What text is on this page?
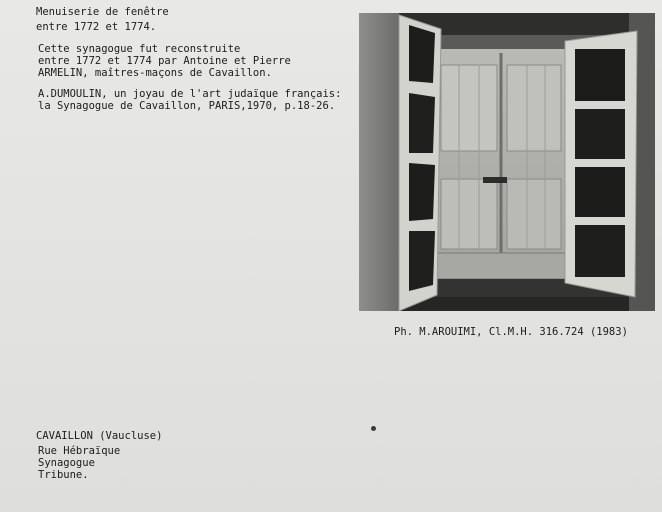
Menuiserie de fenêtre
entre 1772 et 1774.
Cette synagogue fut reconstruite
entre 1772 et 1774 par Antoine et Pierre
ARMELIN, maîtres-maçons de Cavaillon.
A.DUMOULIN, un joyau de l'art judaïque français:
la Synagogue de Cavaillon, PARIS,1970, p.18-26.
Ph. M.AROUIMI, Cl.M.H. 316.724 (1983)
CAVAILLON (Vaucluse)
Rue Hébraïque
Synagogue
Tribune.
